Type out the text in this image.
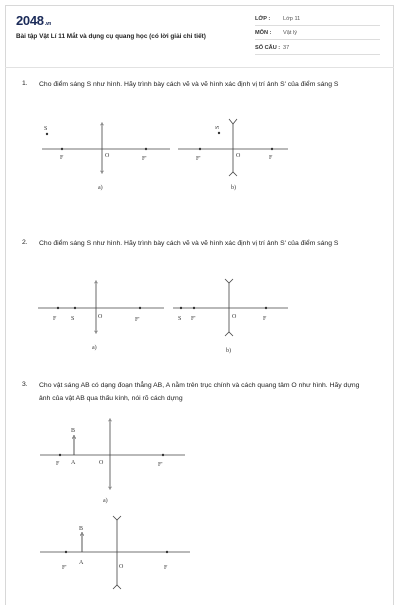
2048.vn
Bài tập Vật Lí 11 Mắt và dụng cụ quang học (có lời giải chi tiết)
LỚP : Lớp 11
MÔN : Vật lý
SỐ CÂU : 37
1. Cho điểm sáng S như hình. Hãy trình bày cách vẽ và vẽ hình xác định vị trí ảnh S' của điểm sáng S
2. Cho điểm sáng S như hình. Hãy trình bày cách vẽ và vẽ hình xác định vị trí ảnh S' của điểm sáng S
3. Cho vật sáng AB có dạng đoạn thẳng AB, A nằm trên trục chính và cách quang tâm O như hình. Hãy dựng ảnh của vật AB qua thấu kính, nói rõ cách dựng
S
F	O	F'
a)
S
F'	O	F
b)
F S	O	F'
a)
S F'	O	F
b)
B
F A	O	F'
a)
B
F'
A
O	F
